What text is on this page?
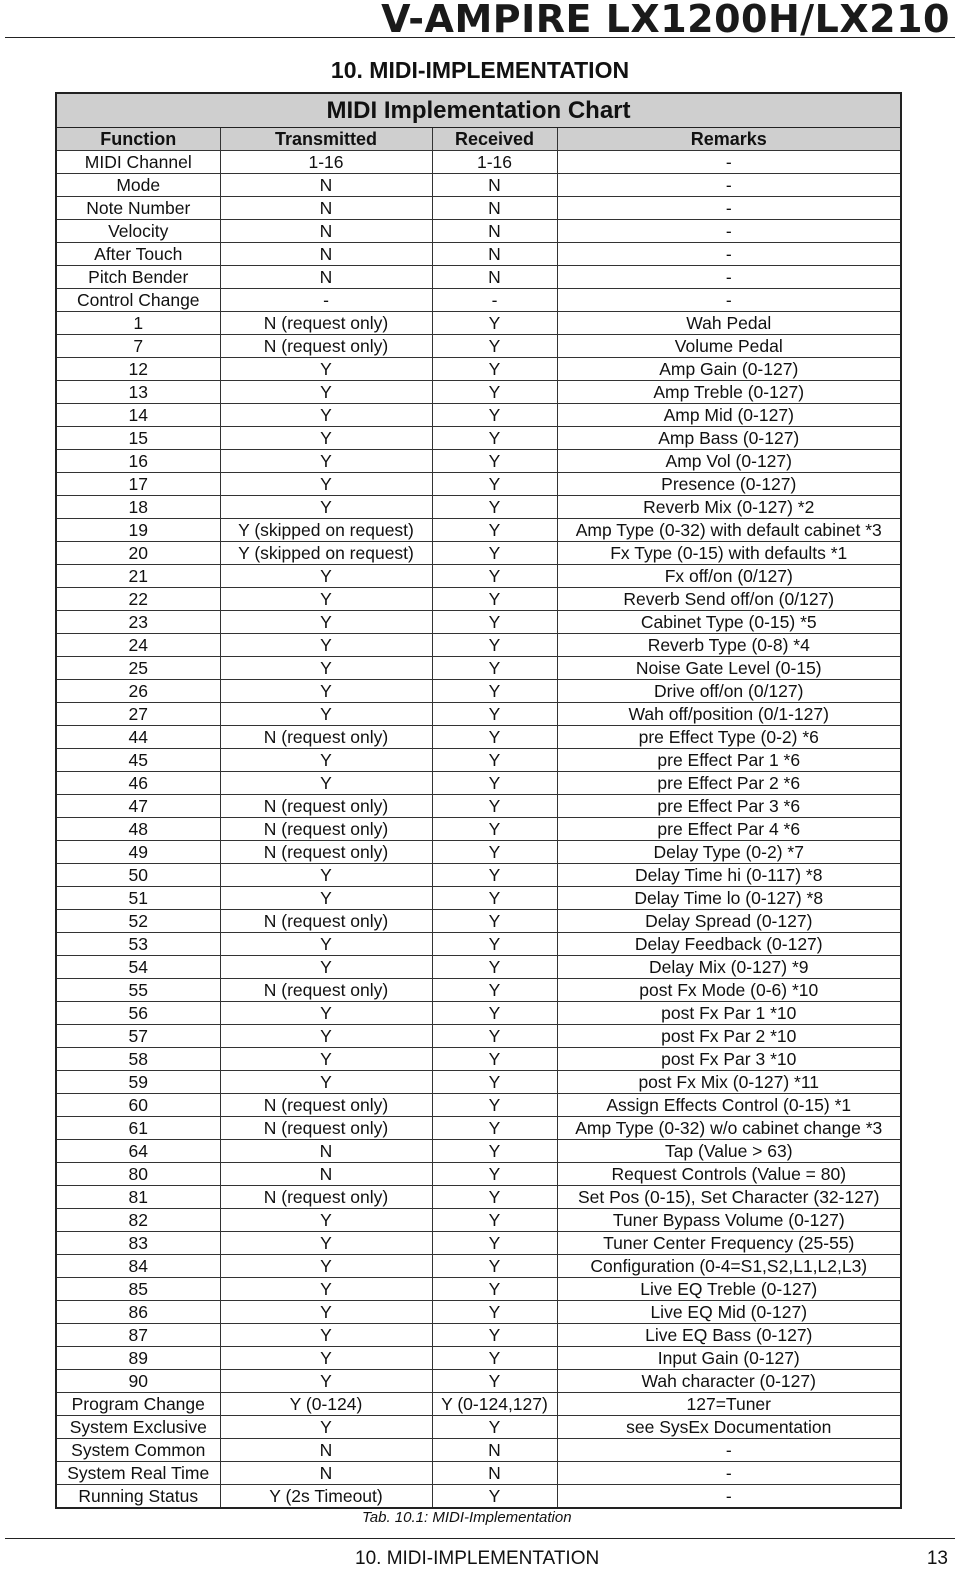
V-AMPIRE LX1200H/LX210
10. MIDI-IMPLEMENTATION
MIDI Implementation Chart
Function	Transmitted	Received	Remarks
MIDI Channel	1-16	1-16	-
Mode	N	N	-
Note Number	N	N	-
Velocity	N	N	-
After Touch	N	N	-
Pitch Bender	N	N	-
Control Change	-	-	-
1	N (request only)	Y	Wah Pedal
7	N (request only)	Y	Volume Pedal
12	Y	Y	Amp Gain (0-127)
13	Y	Y	Amp Treble (0-127)
14	Y	Y	Amp Mid (0-127)
15	Y	Y	Amp Bass (0-127)
16	Y	Y	Amp Vol (0-127)
17	Y	Y	Presence (0-127)
18	Y	Y	Reverb Mix (0-127) *2
19	Y (skipped on request)	Y	Amp Type (0-32) with default cabinet *3
20	Y (skipped on request)	Y	Fx Type (0-15) with defaults *1
21	Y	Y	Fx off/on (0/127)
22	Y	Y	Reverb Send off/on (0/127)
23	Y	Y	Cabinet Type (0-15) *5
24	Y	Y	Reverb Type (0-8) *4
25	Y	Y	Noise Gate Level (0-15)
26	Y	Y	Drive off/on (0/127)
27	Y	Y	Wah off/position (0/1-127)
44	N (request only)	Y	pre Effect Type (0-2) *6
45	Y	Y	pre Effect Par 1 *6
46	Y	Y	pre Effect Par 2 *6
47	N (request only)	Y	pre Effect Par 3 *6
48	N (request only)	Y	pre Effect Par 4 *6
49	N (request only)	Y	Delay Type (0-2) *7
50	Y	Y	Delay Time hi (0-117) *8
51	Y	Y	Delay Time lo (0-127) *8
52	N (request only)	Y	Delay Spread (0-127)
53	Y	Y	Delay Feedback (0-127)
54	Y	Y	Delay Mix (0-127) *9
55	N (request only)	Y	post Fx Mode (0-6) *10
56	Y	Y	post Fx Par 1 *10
57	Y	Y	post Fx Par 2 *10
58	Y	Y	post Fx Par 3 *10
59	Y	Y	post Fx Mix (0-127) *11
60	N (request only)	Y	Assign Effects Control (0-15) *1
61	N (request only)	Y	Amp Type (0-32) w/o cabinet change *3
64	N	Y	Tap (Value > 63)
80	N	Y	Request Controls (Value = 80)
81	N (request only)	Y	Set Pos (0-15), Set Character (32-127)
82	Y	Y	Tuner Bypass Volume (0-127)
83	Y	Y	Tuner Center Frequency (25-55)
84	Y	Y	Configuration (0-4=S1,S2,L1,L2,L3)
85	Y	Y	Live EQ Treble (0-127)
86	Y	Y	Live EQ Mid (0-127)
87	Y	Y	Live EQ Bass (0-127)
89	Y	Y	Input Gain (0-127)
90	Y	Y	Wah character (0-127)
Program Change	Y (0-124)	Y (0-124,127)	127=Tuner
System Exclusive	Y	Y	see SysEx Documentation
System Common	N	N	-
System Real Time	N	N	-
Running Status	Y (2s Timeout)	Y	-
Tab. 10.1: MIDI-Implementation
10. MIDI-IMPLEMENTATION	13
